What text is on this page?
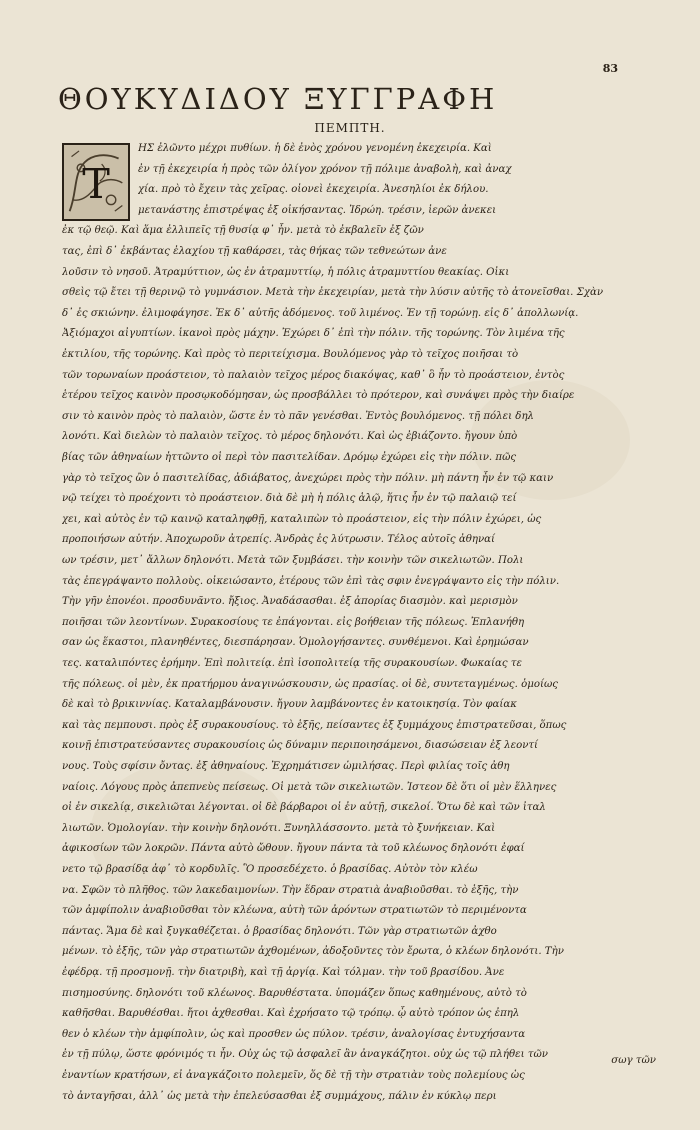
83
ΘΟΥΚΥΔΙΔΟΥ ΞΥΓΓΡΑΦΗ
ΠΕΜΠΤΗ.
Τ
ΗΣ ἐλῶντο μέχρι πυθίων. ἡ δὲ ἐνὸς χρόνου γενομένη ἐκεχειρία. Καὶ
ἐν τῇ ἐκεχειρία ἡ πρὸς τῶν ὀλίγον χρόνον τῇ πόλιμε ἀναβολὴ, καὶ ἀναχ
χία. πρὸ τὸ ἔχειν τὰς χεῖρας. οἱονεὶ ἐκεχειρία. Ἀνεσηλίοι ἐκ δήλου.
μετανάστης ἐπιστρέψας ἐξ οἰκήσαντας. Ἰδρώη. τρέσιν, ἱερῶν ἀνεκει
ἐκ τῷ θεῷ. Καὶ ἅμα ἐλλιπεῖς τῇ θυσίᾳ φ᾽ ἦν. μετὰ τὸ ἐκβαλεῖν ἐξ ζῶν
τας, ἐπὶ δ᾽ ἐκβάντας ἐλαχίου τῇ καθάρσει, τὰς θήκας τῶν τεθνεώτων ἀνε
λοῦσιν τὸ νησοῦ. Ἀτραμύττιον, ὡς ἐν ἀτραμυττίῳ, ἡ πόλις ἀτραμυττίου θεακίας. Οἰκι
σθεὶς τῷ ἔτει τῇ θερινῷ τὸ γυμνάσιον. Μετὰ τὴν ἐκεχειρίαν, μετὰ τὴν λύσιν αὐτῆς τὸ ἀτονεῖσθαι. Σχὰν
δ᾽ ἐς σκιώνην. ἐλιμοφάγησε. Ἐκ δ᾽ αὐτῆς ἀδόμενος. τοῦ λιμένος. Ἐν τῇ τορώνῃ. εἰς δ᾽ ἀπολλωνίᾳ.
Ἀξιόμαχοι αἰγυπτίων. ἱκανοὶ πρὸς μάχην. Ἐχώρει δ᾽ ἐπὶ τὴν πόλιν. τῆς τορώνης. Τὸν λιμένα τῆς
ἐκτιλίου, τῆς τορώνης. Καὶ πρὸς τὸ περιτείχισμα. Βουλόμενος γὰρ τὸ τεῖχος ποιῆσαι τὸ
τῶν τορωναίων προάστειον, τὸ παλαιὸν τεῖχος μέρος διακόψας, καθ᾽ ὃ ἦν τὸ προάστειον, ἐντὸς
ἑτέρου τεῖχος καινὸν προσῳκοδόμησαν, ὡς προσβάλλει τὸ πρότερον, καὶ συνάψει πρὸς τὴν διαίρε
σιν τὸ καινὸν πρὸς τὸ παλαιὸν, ὥστε ἐν τὸ πᾶν γενέσθαι. Ἐντὸς βουλόμενος. τῇ πόλει δηλ
λονότι. Καὶ διελὼν τὸ παλαιὸν τεῖχος. τὸ μέρος δηλονότι. Καὶ ὡς ἐβιάζοντο. ἤγουν ὑπὸ
βίας τῶν ἀθηναίων ἡττῶντο οἱ περὶ τὸν πασιτελίδαν. Δρόμῳ ἐχώρει εἰς τὴν πόλιν. πῶς
γὰρ τὸ τεῖχος ὢν ὁ πασιτελίδας, ἀδιάβατος, ἀνεχώρει πρὸς τὴν πόλιν. μὴ πάντη ἦν ἐν τῷ καιν
νῷ τείχει τὸ προέχοντι τὸ προάστειον. διὰ δὲ μὴ ἡ πόλις ἁλῷ, ἥτις ἦν ἐν τῷ παλαιῷ τεί
χει, καὶ αὐτὸς ἐν τῷ καινῷ καταληφθῇ, καταλιπὼν τὸ προάστειον, εἰς τὴν πόλιν ἐχώρει, ὡς
προποιήσων αὐτήν. Ἀποχωροῦν ἀτρεπίς. Ἀνδρὰς ἐς λύτρωσιν. Τέλος αὐτοῖς ἀθηναί
ων τρέσιν, μετ᾽ ἄλλων δηλονότι. Μετὰ τῶν ξυμβάσει. τὴν κοινὴν τῶν σικελιωτῶν. Πολι
τὰς ἐπεγράψαντο πολλοὺς. οἰκειώσαντο, ἑτέρους τῶν ἐπὶ τὰς σφιν ἐνεγράψαντο εἰς τὴν πόλιν.
Τὴν γῆν ἐπονέοι. προσδυνᾶντο. ἤξιος. Ἀναδάσασθαι. ἐξ ἀπορίας διασμὸν. καὶ μερισμὸν
ποιῆσαι τῶν λεοντίνων. Συρακοσίους τε ἐπάγονται. εἰς βοήθειαν τῆς πόλεως. Ἐπλανήθη
σαν ὡς ἕκαστοι, πλανηθέντες, διεσπάρησαν. Ὁμολογήσαντες. συνθέμενοι. Καὶ ἐρημώσαν
τες. καταλιπόντες ἐρήμην. Ἐπὶ πολιτείᾳ. ἐπὶ ἰσοπολιτείᾳ τῆς συρακουσίων. Φωκαίας τε
τῆς πόλεως. οἱ μὲν, ἐκ πρατήρμου ἀναγινώσκουσιν, ὡς πρασίας. οἱ δὲ, συντεταγμένως. ὁμοίως
δὲ καὶ τὸ βρικιννίας. Καταλαμβάνουσιν. ἤγουν λαμβάνοντες ἐν κατοικησίᾳ. Τὸν φαίακ
καὶ τὰς πεμπουσι. πρὸς ἐξ συρακουσίους. τὸ ἑξῆς, πείσαντες ἐξ ξυμμάχους ἐπιστρατεῦσαι, ὅπως
κοινῇ ἐπιστρατεύσαντες συρακουσίοις ὡς δύναμιν περιποιησάμενοι, διασώσειαν ἐξ λεοντί
νους. Τοὺς σφίσιν ὄντας. ἐξ ἀθηναίους. Ἐχρημάτισεν ὡμιλήσας. Περὶ φιλίας τοῖς ἀθη
ναίοις. Λόγους πρὸς ἀπεπνεὺς πείσεως. Οἱ μετὰ τῶν σικελιωτῶν. Ἰστεον δὲ ὅτι οἱ μὲν ἕλληνες
οἱ ἐν σικελίᾳ, σικελιῶται λέγονται. οἱ δὲ βάρβαροι οἱ ἐν αὐτῇ, σικελοί. Ὅτω δὲ καὶ τῶν ἰταλ
λιωτῶν. Ὁμολογίαν. τὴν κοινὴν δηλονότι. Ξυνηλλάσσοντο. μετὰ τὸ ξυνήκειαν. Καὶ
ἀφικοσίων τῶν λοκρῶν. Πάντα αὐτὸ ὤθουν. ἤγουν πάντα τὰ τοῦ κλέωνος δηλονότι ἐφαί
νετο τῷ βρασίδᾳ ἀφ᾽ τὸ κορδυλῖς. Ὃ προσεδέχετο. ὁ βρασίδας. Αὐτὸν τὸν κλέω
να. Σφῶν τὸ πλῆθος. τῶν λακεδαιμονίων. Τὴν ἕδραν στρατιὰ ἀναβιοῦσθαι. τὸ ἑξῆς, τὴν
τῶν ἀμφίπολιν ἀναβιοῦσθαι τὸν κλέωνα, αὐτὴ τῶν ἀρόντων στρατιωτῶν τὸ περιμένοντα
πάντας. Ἅμα δὲ καὶ ξυγκαθέζεται. ὁ βρασίδας δηλονότι. Τῶν γὰρ στρατιωτῶν ἀχθο
μένων. τὸ ἑξῆς, τῶν γὰρ στρατιωτῶν ἀχθομένων, ἀδοξοῦντες τὸν ἔρωτα, ὁ κλέων δηλονότι. Τὴν
ἐφέδρᾳ. τῇ προσμονῇ. τὴν διατριβὴ, καὶ τῇ ἀργίᾳ. Καὶ τόλμαν. τὴν τοῦ βρασίδου. Ἀνε
πισημοσύνης. δηλονότι τοῦ κλέωνος. Βαρυθέστατα. ὑπομάζεν ὅπως καθημένους, αὐτὸ τὸ
καθῆσθαι. Βαρυθέσθαι. ἤτοι ἀχθεσθαι. Καὶ ἐχρήσατο τῷ τρόπῳ. ᾧ αὐτὸ τρόπον ὡς ἐπηλ
θεν ὁ κλέων τὴν ἀμφίπολιν, ὡς καὶ προσθεν ὡς πύλον. τρέσιν, ἀναλογίσας ἐντυχήσαντα
ἐν τῇ πύλῳ, ὥστε φρόνιμός τι ἦν. Οὐχ ὡς τῷ ἀσφαλεῖ ἂν ἀναγκάζητοι. οὐχ ὡς τῷ πλήθει τῶν
ἐναντίων κρατήσων, εἰ ἀναγκάζοιτο πολεμεῖν, ὅς δὲ τῇ τὴν στρατιὰν τοὺς πολεμίους ὡς
τὸ ἀνταγῆσαι, ἀλλ᾽ ὡς μετὰ τὴν ἐπελεύσασθαι ἐξ συμμάχους, πάλιν ἐν κύκλῳ περι
σωγ τῶν
